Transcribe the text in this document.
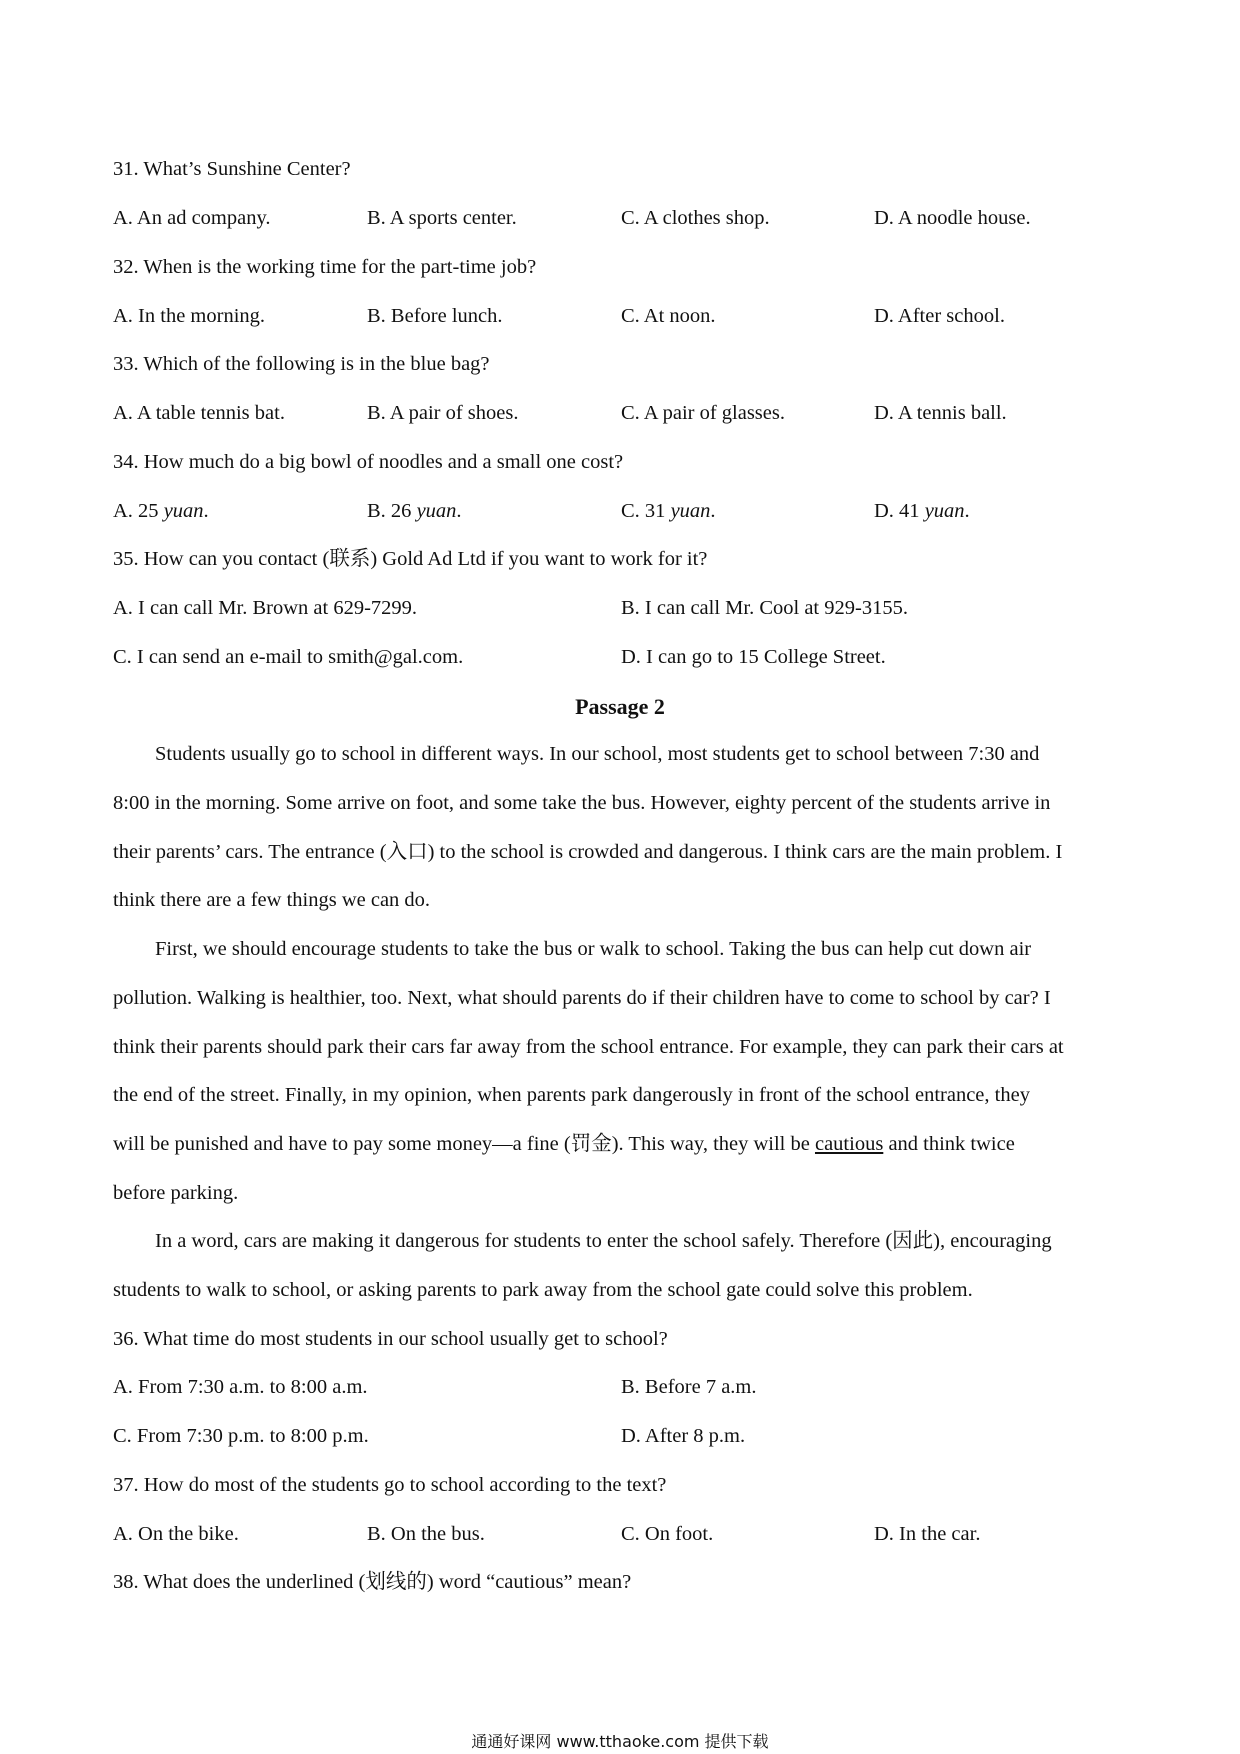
31. What’s Sunshine Center?
A. An ad company.	B. A sports center.	C. A clothes shop.	D. A noodle house.
32. When is the working time for the part-time job?
A. In the morning.	B. Before lunch.	C. At noon.	D. After school.
33. Which of the following is in the blue bag?
A. A table tennis bat.	B. A pair of shoes.	C. A pair of glasses.	D. A tennis ball.
34. How much do a big bowl of noodles and a small one cost?
A. 25 yuan.	B. 26 yuan.	C. 31 yuan.	D. 41 yuan.
35. How can you contact (联系) Gold Ad Ltd if you want to work for it?
A. I can call Mr. Brown at 629-7299.	B. I can call Mr. Cool at 929-3155.
C. I can send an e-mail to smith@gal.com.	D. I can go to 15 College Street.
Passage 2
Students usually go to school in different ways. In our school, most students get to school between 7:30 and
8:00 in the morning. Some arrive on foot, and some take the bus. However, eighty percent of the students arrive in
their parents’ cars. The entrance (入口) to the school is crowded and dangerous. I think cars are the main problem. I
think there are a few things we can do.
First, we should encourage students to take the bus or walk to school. Taking the bus can help cut down air
pollution. Walking is healthier, too. Next, what should parents do if their children have to come to school by car? I
think their parents should park their cars far away from the school entrance. For example, they can park their cars at
the end of the street. Finally, in my opinion, when parents park dangerously in front of the school entrance, they
will be punished and have to pay some money—a fine (罚金). This way, they will be cautious and think twice
before parking.
In a word, cars are making it dangerous for students to enter the school safely. Therefore (因此), encouraging
students to walk to school, or asking parents to park away from the school gate could solve this problem.
36. What time do most students in our school usually get to school?
A. From 7:30 a.m. to 8:00 a.m.	B. Before 7 a.m.
C. From 7:30 p.m. to 8:00 p.m.	D. After 8 p.m.
37. How do most of the students go to school according to the text?
A. On the bike.	B. On the bus.	C. On foot.	D. In the car.
38. What does the underlined (划线的) word “cautious” mean?
通通好课网 www.tthaoke.com 提供下载
